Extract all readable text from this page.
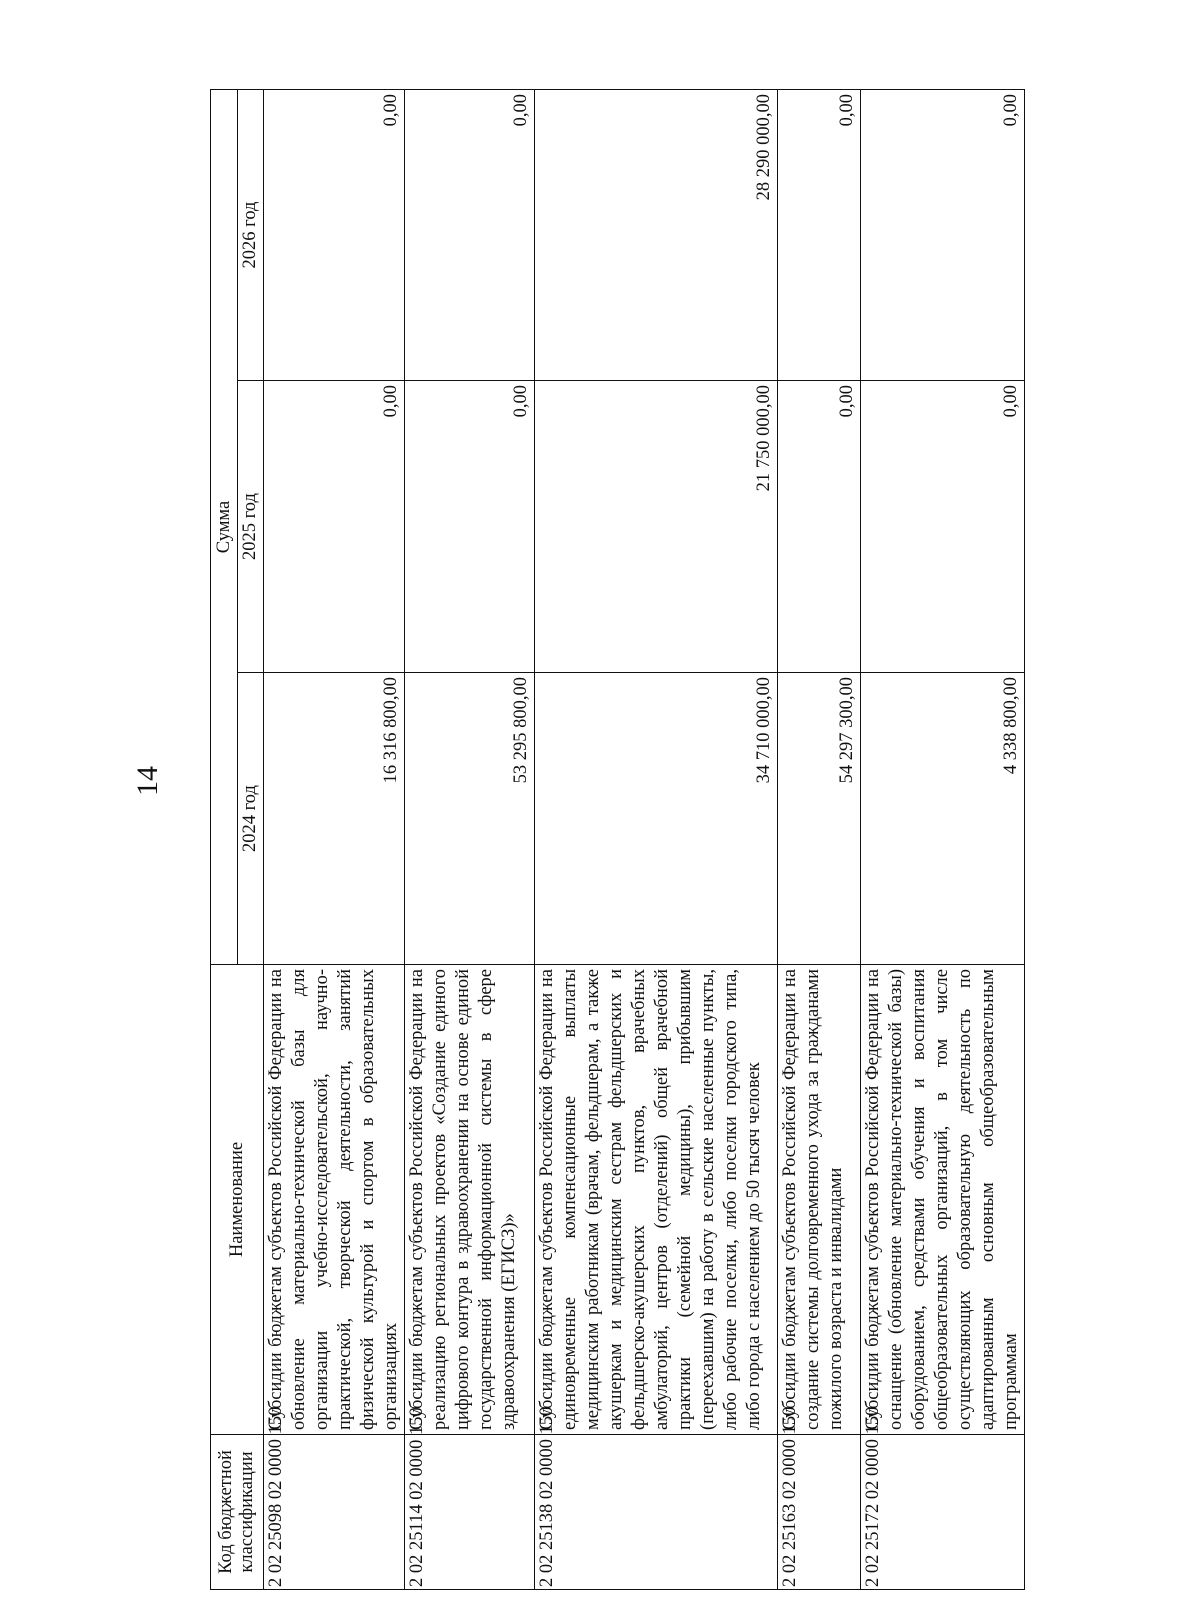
14
Код бюджетной классификации	Наименование	Сумма		
		2024 год	2025 год	2026 год
2 02 25098 02 0000 150	Субсидии бюджетам субъектов Российской Федерации на обновление материально-технической базы для организации учебно-исследовательской, научно-практической, творческой деятельности, занятий физической культурой и спортом в образовательных организациях	16 316 800,00	0,00	0,00
2 02 25114 02 0000 150	Субсидии бюджетам субъектов Российской Федерации на реализацию региональных проектов «Создание единого цифрового контура в здравоохранении на основе единой государственной информационной системы в сфере здравоохранения (ЕГИСЗ)»	53 295 800,00	0,00	0,00
2 02 25138 02 0000 150	Субсидии бюджетам субъектов Российской Федерации на единовременные компенсационные выплаты медицинским работникам (врачам, фельдшерам, а также акушеркам и медицинским сестрам фельдшерских и фельдшерско-акушерских пунктов, врачебных амбулаторий, центров (отделений) общей врачебной практики (семейной медицины), прибывшим (переехавшим) на работу в сельские населенные пункты, либо рабочие поселки, либо поселки городского типа, либо города с населением до 50 тысяч человек	34 710 000,00	21 750 000,00	28 290 000,00
2 02 25163 02 0000 150	Субсидии бюджетам субъектов Российской Федерации на создание системы долговременного ухода за гражданами пожилого возраста и инвалидами	54 297 300,00	0,00	0,00
2 02 25172 02 0000 150	Субсидии бюджетам субъектов Российской Федерации на оснащение (обновление материально-технической базы) оборудованием, средствами обучения и воспитания общеобразовательных организаций, в том числе осуществляющих образовательную деятельность по адаптированным основным общеобразовательным программам	4 338 800,00	0,00	0,00
